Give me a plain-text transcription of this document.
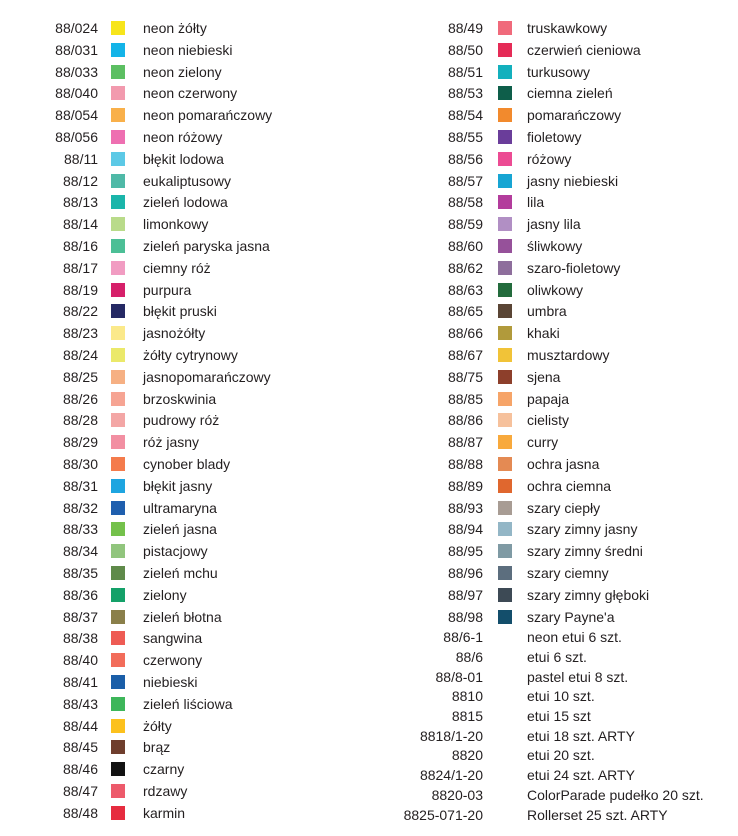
88/024	neon żółty
88/031	neon niebieski
88/033	neon zielony
88/040	neon czerwony
88/054	neon pomarańczowy
88/056	neon różowy
88/11	błękit lodowa
88/12	eukaliptusowy
88/13	zieleń lodowa
88/14	limonkowy
88/16	zieleń paryska jasna
88/17	ciemny róż
88/19	purpura
88/22	błękit pruski
88/23	jasnożółty
88/24	żółty cytrynowy
88/25	jasnopomarańczowy
88/26	brzoskwinia
88/28	pudrowy róż
88/29	róż jasny
88/30	cynober blady
88/31	błękit jasny
88/32	ultramaryna
88/33	zieleń jasna
88/34	pistacjowy
88/35	zieleń mchu
88/36	zielony
88/37	zieleń błotna
88/38	sangwina
88/40	czerwony
88/41	niebieski
88/43	zieleń liściowa
88/44	żółty
88/45	brąz
88/46	czarny
88/47	rdzawy
88/48	karmin
88/49	truskawkowy
88/50	czerwień cieniowa
88/51	turkusowy
88/53	ciemna zieleń
88/54	pomarańczowy
88/55	fioletowy
88/56	różowy
88/57	jasny niebieski
88/58	lila
88/59	jasny lila
88/60	śliwkowy
88/62	szaro-fioletowy
88/63	oliwkowy
88/65	umbra
88/66	khaki
88/67	musztardowy
88/75	sjena
88/85	papaja
88/86	cielisty
88/87	curry
88/88	ochra jasna
88/89	ochra ciemna
88/93	szary ciepły
88/94	szary zimny jasny
88/95	szary zimny średni
88/96	szary ciemny
88/97	szary zimny głęboki
88/98	szary Payne'a
88/6-1	neon etui 6 szt.
88/6	etui 6 szt.
88/8-01	pastel etui 8 szt.
8810	etui 10 szt.
8815	etui 15 szt
8818/1-20	etui 18 szt. ARTY
8820	etui 20 szt.
8824/1-20	etui 24 szt. ARTY
8820-03	ColorParade pudełko 20 szt.
8825-071-20	Rollerset 25 szt. ARTY
